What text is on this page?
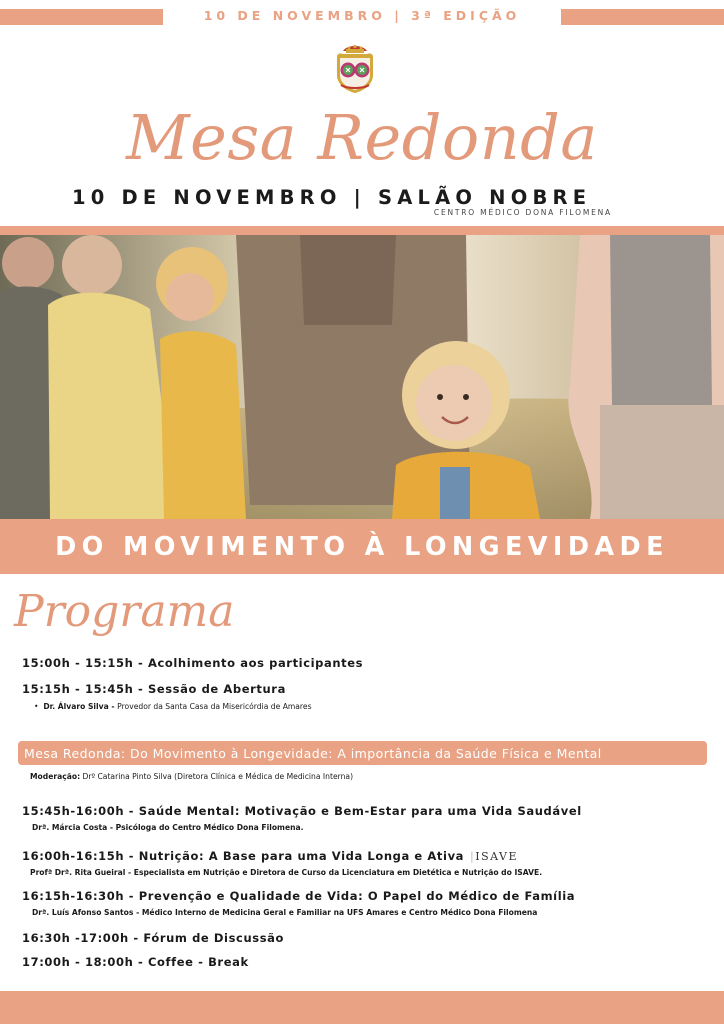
10 DE NOVEMBRO | 3ª EDIÇÃO
Mesa Redonda
10 DE NOVEMBRO | SALÃO NOBRE
CENTRO MÉDICO DONA FILOMENA
DO MOVIMENTO À LONGEVIDADE
Programa
15:00h - 15:15h - Acolhimento aos participantes
15:15h - 15:45h - Sessão de Abertura
• Dr. Álvaro Silva - Provedor da Santa Casa da Misericórdia de Amares
Mesa Redonda: Do Movimento à Longevidade: A importância da Saúde Física e Mental
Moderação: Drº Catarina Pinto Silva (Diretora Clínica e Médica de Medicina Interna)
15:45h-16:00h - Saúde Mental: Motivação e Bem-Estar para uma Vida Saudável
Drª. Márcia Costa - Psicóloga do Centro Médico Dona Filomena.
16:00h-16:15h - Nutrição: A Base para uma Vida Longa e Ativa |ISAVE
Profª Drª. Rita Gueiral - Especialista em Nutrição e Diretora de Curso da Licenciatura em Dietética e Nutrição do ISAVE.
16:15h-16:30h - Prevenção e Qualidade de Vida: O Papel do Médico de Família
Drª. Luís Afonso Santos - Médico Interno de Medicina Geral e Familiar na UFS Amares e Centro Médico Dona Filomena
16:30h -17:00h - Fórum de Discussão
17:00h - 18:00h - Coffee - Break
